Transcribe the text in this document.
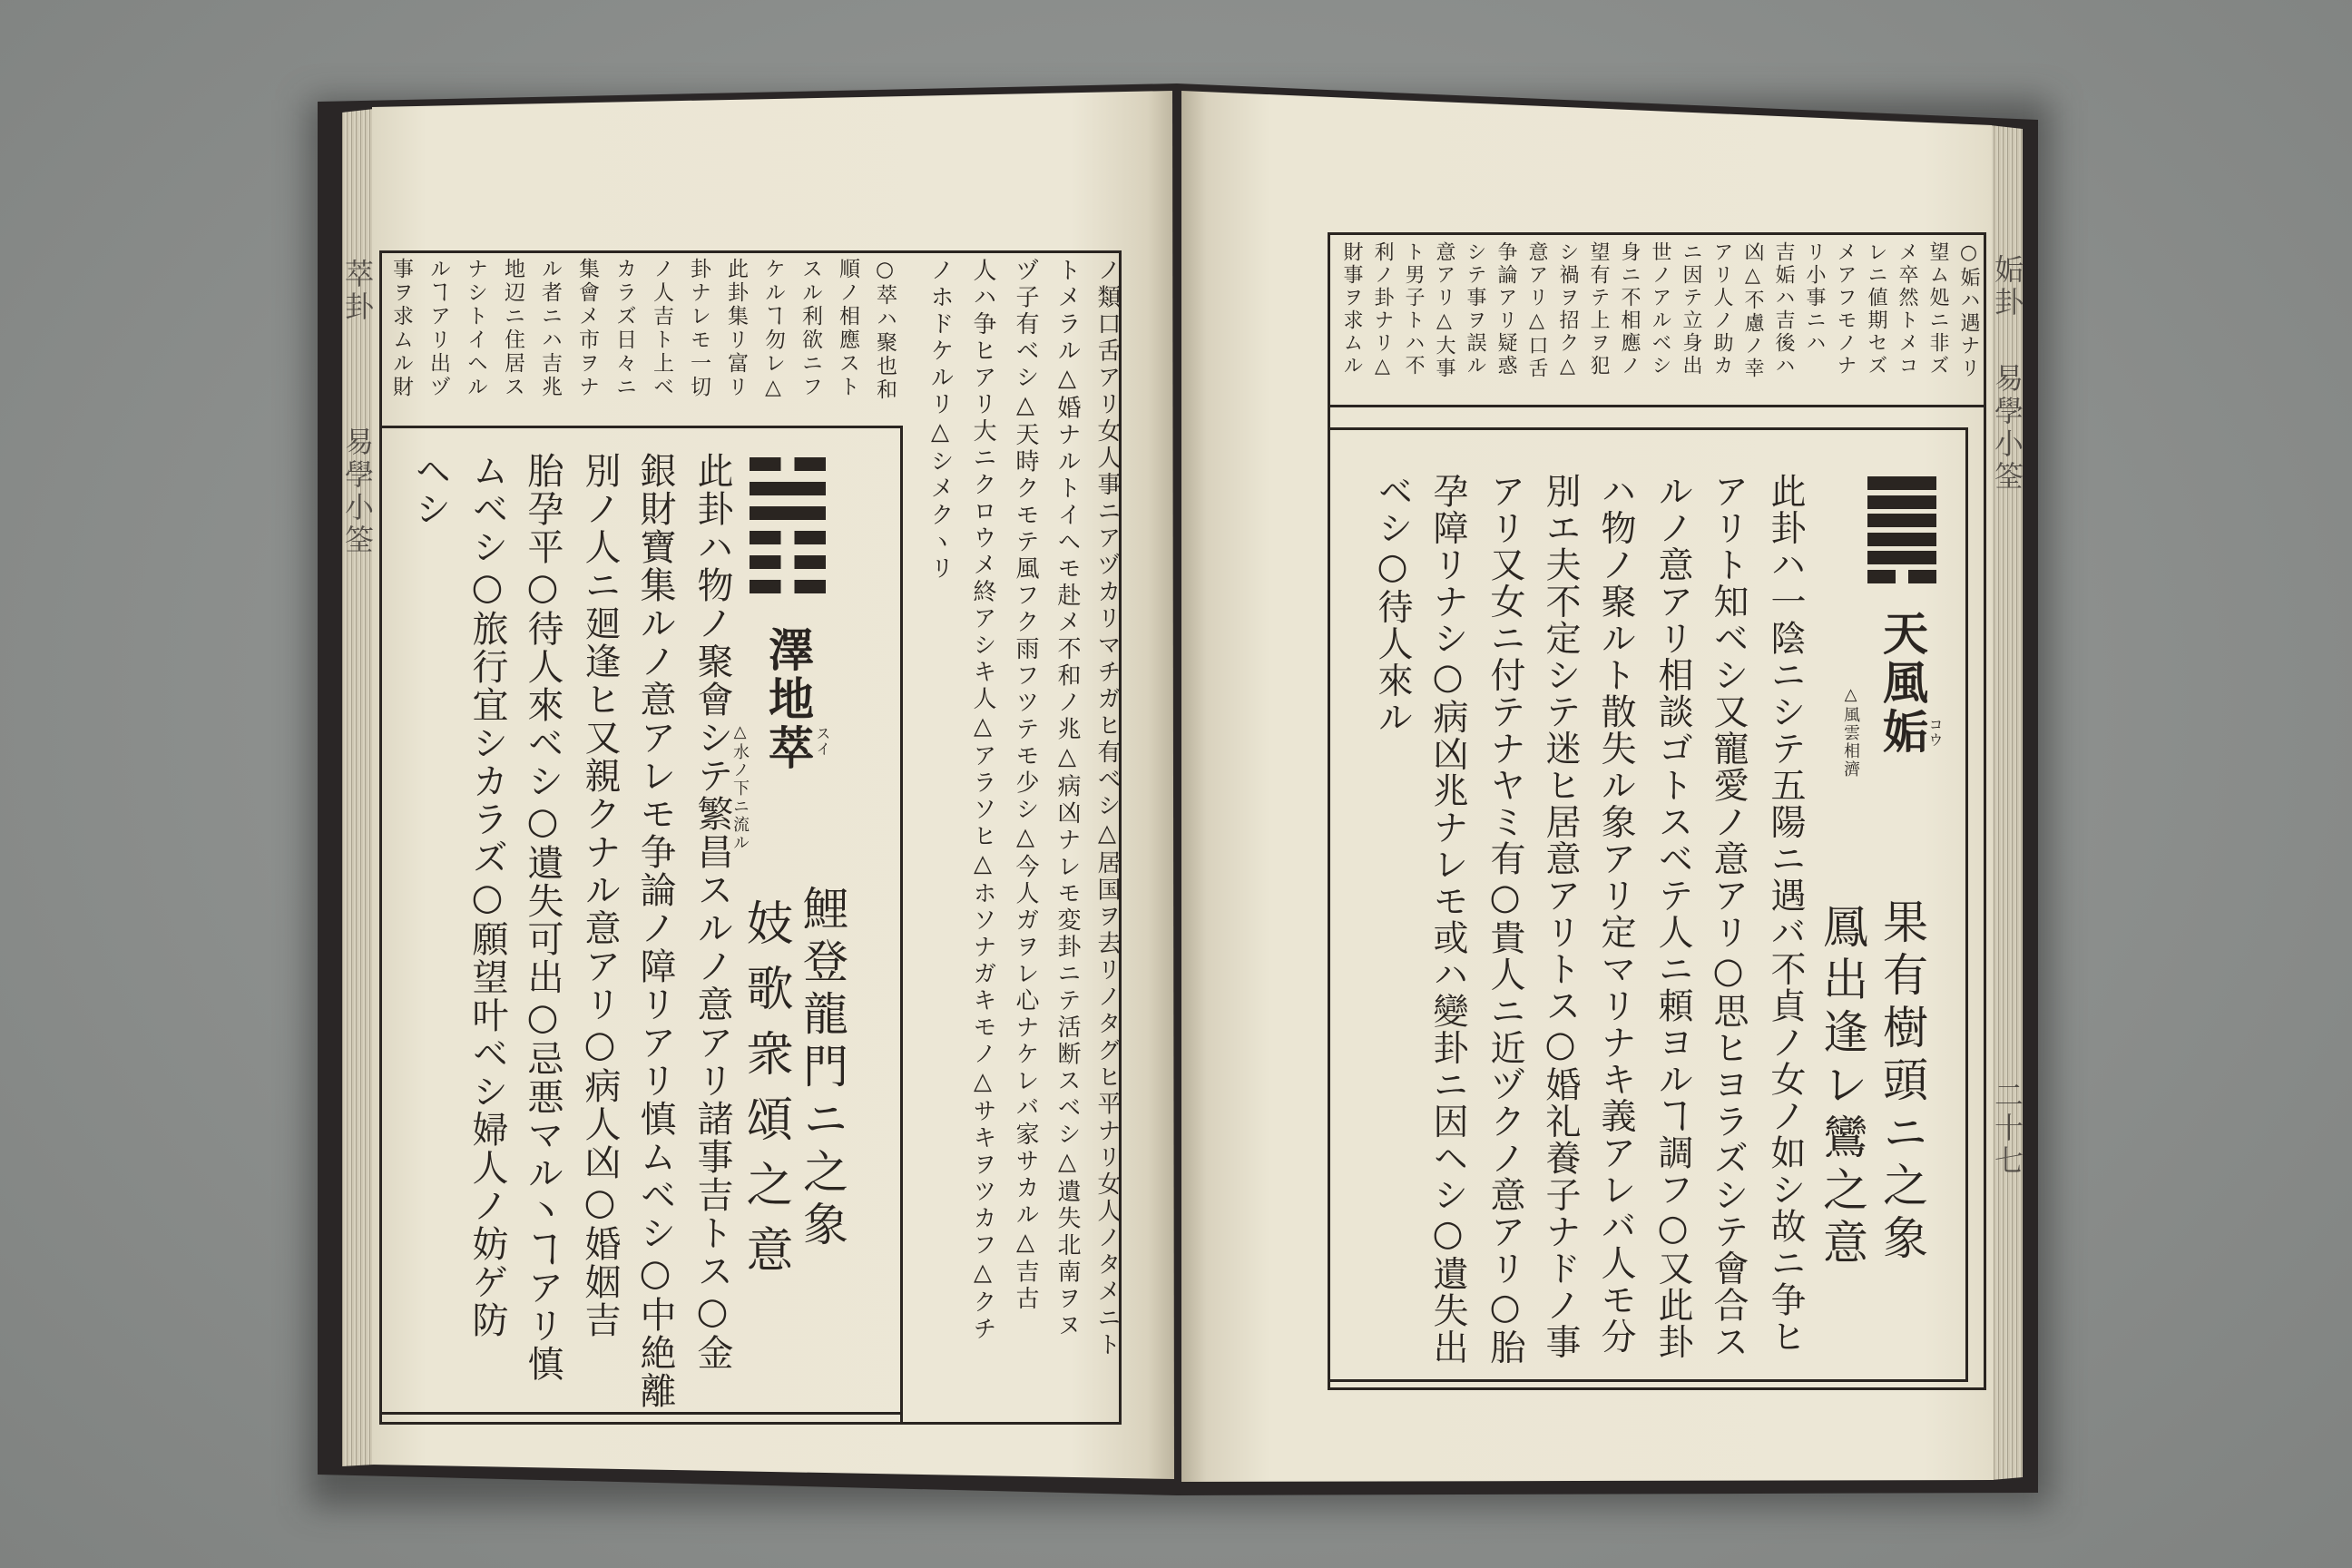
萃卦
易學小筌
姤卦
易學小筌
二十七
○萃ハ聚也和
順ノ相應スト
スル利欲ニフ
ケルヿ勿レ△
此卦集リ富リ
卦ナレモ一切
ノ人吉ト上ベ
カラズ日々ニ
集會メ市ヲナ
ル者ニハ吉兆
地辺ニ住居ス
ナシトイヘル
ルヿアリ出ヅ
事ヲ求ムル財	ノ類口舌アリ女人事ニアヅカリマチガヒ有ベシ△居国ヲ去リノタグヒ平ナリ女人ノタメニト
トメラル△婚ナルトイヘモ赴メ不和ノ兆△病凶ナレモ変卦ニテ活断スベシ△遺失北南ヲヌ
ヅ子有ベシ△天時クモテ風フク雨フツテモ少シ△今人ガヲレ心ナケレバ家サカル△吉古
人ハ争ヒアリ大ニクロウメ終アシキ人△アラソヒ△ホソナガキモノ△サキヲツカフ△クチ
ノホドケルリ△シメクヽリ
澤地萃 スイ
△水ノ下ニ流ル
鯉登龍門ニ之象
妓歌衆頌之意
此卦ハ物ノ聚會シテ繁昌スルノ意アリ諸事吉トス○金
銀財寶集ルノ意アレモ争論ノ障リアリ慎ムベシ○中絶離
別ノ人ニ廻逢ヒ又親クナル意アリ○病人凶○婚姻吉
胎孕平○待人來ベシ○遺失可出○忌悪マル丶ヿアリ慎
ムベシ○旅行宜シカラズ○願望叶ベシ婦人ノ妨ゲ防
ヘシ
○姤ハ遇ナリ
望ム処ニ非ズ
メ卒然トメコ
レニ値期セズ
メアフモノナ
リ小事ニハ
吉姤ハ吉後ハ
凶△不慮ノ幸
アリ人ノ助カ
ニ因テ立身出
世ノアルベシ
身ニ不相應ノ
望有テ上ヲ犯
シ禍ヲ招ク△
意アリ△口舌
争論アリ疑惑
シテ事ヲ誤ル
意アリ△大事
ト男子トハ不
利ノ卦ナリ△
財事ヲ求ムル
天風姤
コウ
△風雲相濟
果有樹頭ニ之象
鳳出逢レ鸞之意
此卦ハ一陰ニシテ五陽ニ遇バ不貞ノ女ノ如シ故ニ争ヒ
アリト知ベシ又寵愛ノ意アリ○思ヒヨラズシテ會合ス
ルノ意アリ相談ゴトスベテ人ニ頼ヨルヿ調フ○又此卦
ハ物ノ聚ルト散失ル象アリ定マリナキ義アレバ人モ分
別エ夫不定シテ迷ヒ居意アリトス○婚礼養子ナドノ事
アリ又女ニ付テナヤミ有○貴人ニ近ヅクノ意アリ○胎
孕障リナシ○病凶兆ナレモ或ハ變卦ニ因ヘシ○遺失出
ベシ○待人來ル
